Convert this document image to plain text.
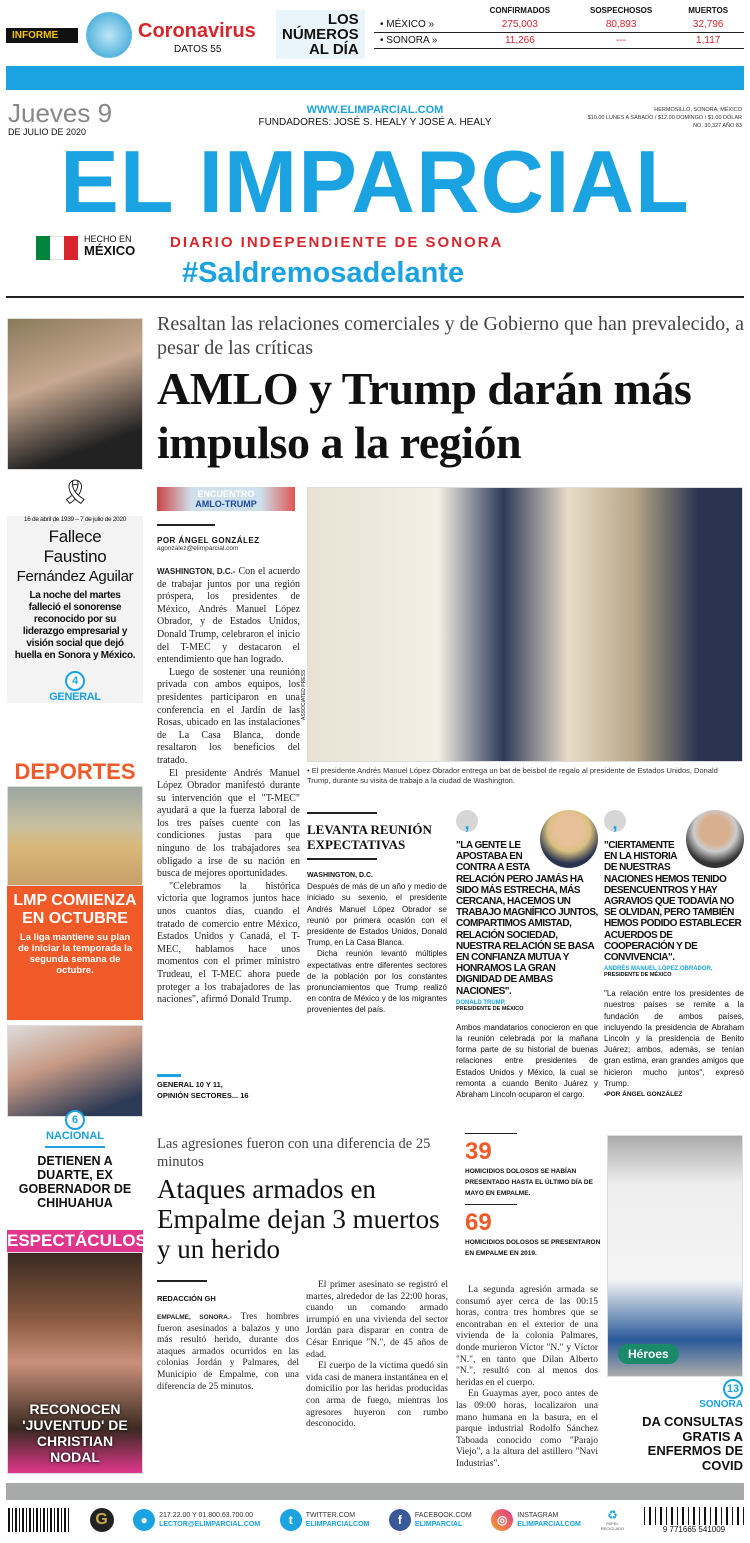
INFORME	Coronavirus
DATOS 55
LOS
NÚMEROS
AL DÍA
	CONFIRMADOS	SOSPECHOSOS	MUERTOS
• MÉXICO »	275,003	80,893	32,796
• SONORA »	11,266	---	1,117
Jueves 9
DE JULIO DE 2020
WWW.ELIMPARCIAL.COM
FUNDADORES: JOSÉ S. HEALY Y JOSÉ A. HEALY
HERMOSILLO, SONORA, MÉXICO
$10.00 LUNES A SÁBADO / $12.00 DOMINGO / $1.00 DÓLAR
NO. 30,327 AÑO 83
EL IMPARCIAL
HECHO EN
MÉXICO DIARIO INDEPENDIENTE DE SONORA
#Saldremosadelante
🎗
16 de abril de 1939 – 7 de julio de 2020
Fallece
Faustino
Fernández Aguilar
La noche del martes falleció el sonorense reconocido por su liderazgo empresarial y visión social que dejó huella en Sonora y México.
4
GENERAL
DEPORTES
LMP COMIENZA EN OCTUBRE
La liga mantiene su plan de iniciar la temporada la segunda semana de octubre.
6
NACIONAL
DETIENEN A DUARTE, EX GOBERNADOR DE CHIHUAHUA
ESPECTÁCULOS
RECONOCEN 'JUVENTUD' DE CHRISTIAN NODAL
Resaltan las relaciones comerciales y de Gobierno que han prevalecido, a pesar de las críticas
AMLO y Trump darán más impulso a la región
ENCUENTRO
AMLO-TRUMP
POR ÁNGEL GONZÁLEZ
agonzalez@elimparcial.com

WASHINGTON, D.C.- Con el acuerdo de trabajar juntos por una región próspera, los presidentes de México, Andrés Manuel López Obrador, y de Estados Unidos, Donald Trump, celebraron el inicio del T-MEC y destacaron el entendimiento que han logrado.

Luego de sostener una reunión privada con ambos equipos, los presidentes participaron en una conferencia en el Jardín de las Rosas, ubicado en las instalaciones de La Casa Blanca, donde resaltaron los beneficios del tratado.

El presidente Andrés Manuel López Obrador manifestó durante su intervención que el "T-MEC" ayudará a que la fuerza laboral de los tres países cuente con las condiciones justas para que ninguno de los trabajadores sea obligado a irse de su nación en busca de mejores oportunidades.

"Celebramos la histórica victoria que logramos juntos hace unos cuantos días, cuando el tratado de comercio entre México, Estados Unidos y Canadá, el T-MEC, hablamos hace unos momentos con el primer ministro Trudeau, el T-MEC ahora puede proteger a los trabajadores de las naciones", afirmó Donald Trump.

GENERAL 10 Y 11,
OPINIÓN SECTORES... 16
ASSOCIATED PRESS
• El presidente Andrés Manuel López Obrador entrega un bat de beisbol de regalo al presidente de Estados Unidos, Donald Trump, durante su visita de trabajo a la ciudad de Washington.
LEVANTA REUNIÓN EXPECTATIVAS
WASHINGTON, D.C.

Después de más de un año y medio de iniciado su sexenio, el presidente Andrés Manuel López Obrador se reunió por primera ocasión con el presidente de Estados Unidos, Donald Trump, en La Casa Blanca.

Dicha reunión levantó múltiples expectativas entre diferentes sectores de la población por los constantes pronunciamientos que Trump realizó en contra de México y de los migrantes provenientes del país.

,
"LA GENTE LE APOSTABA EN CONTRA A ESTA RELACIÓN PERO JAMÁS HA SIDO MÁS ESTRECHA, MÁS CERCANA, HACEMOS UN TRABAJO MAGNÍFICO JUNTOS, COMPARTIMOS AMISTAD, RELACIÓN SOCIEDAD, NUESTRA RELACIÓN SE BASA EN CONFIANZA MUTUA Y HONRAMOS LA GRAN DIGNIDAD DE AMBAS NACIONES".
DONALD TRUMP,
PRESIDENTE DE MÉXICO

Ambos mandatarios conocieron en que la reunión celebrada por la mañana forma parte de su historial de buenas relaciones entre presidentes de Estados Unidos y México, la cual se remonta a cuando Benito Juárez y Abraham Lincoln ocuparon el cargo.

,
"CIERTAMENTE EN LA HISTORIA DE NUESTRAS NACIONES HEMOS TENIDO DESENCUENTROS Y HAY AGRAVIOS QUE TODAVÍA NO SE OLVIDAN, PERO TAMBIÉN HEMOS PODIDO ESTABLECER ACUERDOS DE COOPERACIÓN Y DE CONVIVENCIA".
ANDRÉS MANUEL LÓPEZ OBRADOR,
PRESIDENTE DE MÉXICO

"La relación entre los presidentes de nuestros países se remite a la fundación de ambos países, incluyendo la presidencia de Abraham Lincoln y la presidencia de Benito Juárez; ambos, además, se tenían gran estima, eran grandes amigos que hicieron mucho juntos", expresó Trump.

•POR ÁNGEL GONZÁLEZ
Las agresiones fueron con una diferencia de 25 minutos
Ataques armados en Empalme dejan 3 muertos y un herido
REDACCIÓN GH

EMPALME, SONORA.- Tres hombres fueron asesinados a balazos y uno más resultó herido, durante dos ataques armados ocurridos en las colonias Jordán y Palmares, del Municipio de Empalme, con una diferencia de 25 minutos.

El primer asesinato se registró el martes, alrededor de las 22:00 horas, cuando un comando armado irrumpió en una vivienda del sector Jordán para disparar en contra de César Enrique "N.", de 45 años de edad.

El cuerpo de la víctima quedó sin vida casi de manera instantánea en el domicilio por las heridas producidas con arma de fuego, mientras los agresores huyeron con rumbo desconocido.

La segunda agresión armada se consumó ayer cerca de las 00:15 horas, contra tres hombres que se encontraban en el exterior de una vivienda de la colonia Palmares, donde murieron Víctor "N." y Víctor "N.", en tanto que Dilan Alberto "N.", resultó con al menos dos heridas en el cuerpo.

En Guaymas ayer, poco antes de las 09:00 horas, localizaron una mano humana en la basura, en el parque industrial Rodolfo Sánchez Taboada conocido como "Parajo Viejo", a la altura del astillero "Navi Industrias".

39
HOMICIDIOS DOLOSOS SE HABÍAN PRESENTADO HASTA EL ÚLTIMO DÍA DE MAYO EN EMPALME.
69
HOMICIDIOS DOLOSOS SE PRESENTARON EN EMPALME EN 2019.
Héroes
13
SONORA
DA CONSULTAS GRATIS A ENFERMOS DE COVID
G	●	217.22.00 Y 01.800.63.700.00
LECTOR@ELIMPARCIAL.COM	t	TWITTER.COM
ELIMPARCIALCOM	f	FACEBOOK.COM
ELIMPARCIAL	◎	INSTAGRAM
ELIMPARCIALCOM
♻
PAPEL RECICLADO	9 771665 541009
